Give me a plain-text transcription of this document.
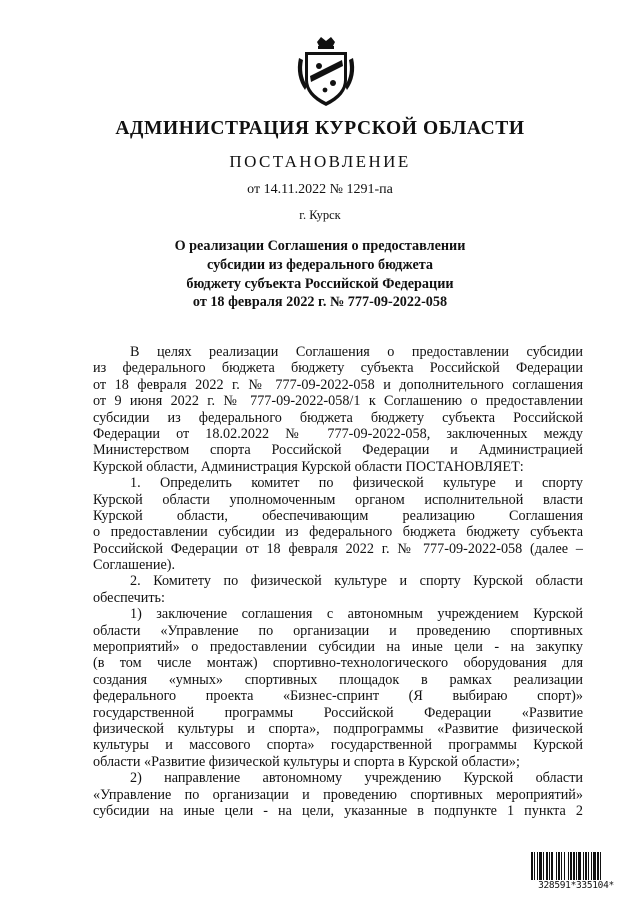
АДМИНИСТРАЦИЯ КУРСКОЙ ОБЛАСТИ
ПОСТАНОВЛЕНИЕ
от 14.11.2022 № 1291-па
г. Курск
О реализации Соглашения о предоставлении
субсидии из федерального бюджета
бюджету субъекта Российской Федерации
от 18 февраля 2022 г. № 777-09-2022-058
В целях реализации Соглашения о предоставлении субсидии
из федерального бюджета бюджету субъекта Российской Федерации
от 18 февраля 2022 г. № 777-09-2022-058 и дополнительного соглашения
от 9 июня 2022 г. № 777-09-2022-058/1 к Соглашению о предоставлении
субсидии из федерального бюджета бюджету субъекта Российской
Федерации от 18.02.2022 № 777-09-2022-058, заключенных между
Министерством спорта Российской Федерации и Администрацией
Курской области, Администрация Курской области ПОСТАНОВЛЯЕТ:
1. Определить комитет по физической культуре и спорту
Курской области уполномоченным органом исполнительной власти
Курской области, обеспечивающим реализацию Соглашения
о предоставлении субсидии из федерального бюджета бюджету субъекта
Российской Федерации от 18 февраля 2022 г. № 777-09-2022-058 (далее –
Соглашение).
2. Комитету по физической культуре и спорту Курской области
обеспечить:
1) заключение соглашения с автономным учреждением Курской
области «Управление по организации и проведению спортивных
мероприятий» о предоставлении субсидии на иные цели - на закупку
(в том числе монтаж) спортивно-технологического оборудования для
создания «умных» спортивных площадок в рамках реализации
федерального проекта «Бизнес-спринт (Я выбираю спорт)»
государственной программы Российской Федерации «Развитие
физической культуры и спорта», подпрограммы «Развитие физической
культуры и массового спорта» государственной программы Курской
области «Развитие физической культуры и спорта в Курской области»;
2) направление автономному учреждению Курской области
«Управление по организации и проведению спортивных мероприятий»
субсидии на иные цели - на цели, указанные в подпункте 1 пункта 2
328591*335104*
